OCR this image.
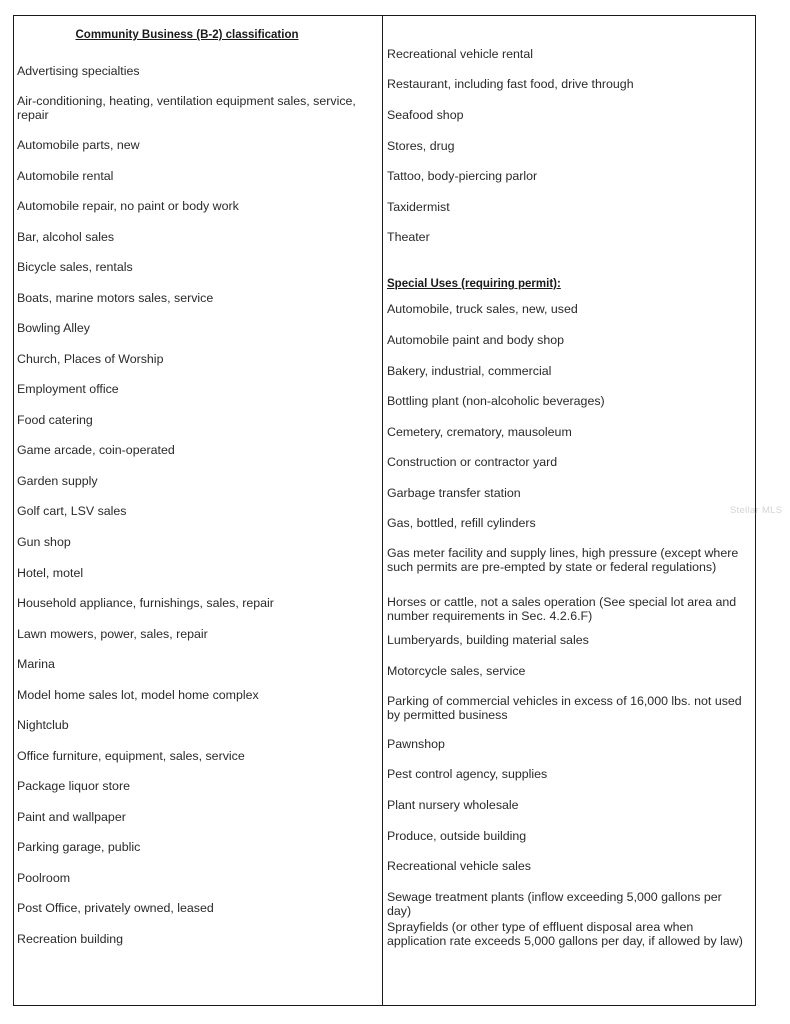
Community Business (B-2) classification
Advertising specialties
Air-conditioning, heating, ventilation equipment sales, service, repair
Automobile parts, new
Automobile rental
Automobile repair, no paint or body work
Bar, alcohol sales
Bicycle sales, rentals
Boats, marine motors sales, service
Bowling Alley
Church, Places of Worship
Employment office
Food catering
Game arcade, coin-operated
Garden supply
Golf cart, LSV sales
Gun shop
Hotel, motel
Household appliance, furnishings, sales, repair
Lawn mowers, power, sales, repair
Marina
Model home sales lot, model home complex
Nightclub
Office furniture, equipment, sales, service
Package liquor store
Paint and wallpaper
Parking garage, public
Poolroom
Post Office, privately owned, leased
Recreation building
Recreational vehicle rental
Restaurant, including fast food, drive through
Seafood shop
Stores, drug
Tattoo, body-piercing parlor
Taxidermist
Theater
Special Uses (requiring permit):
Automobile, truck sales, new, used
Automobile paint and body shop
Bakery, industrial, commercial
Bottling plant (non-alcoholic beverages)
Cemetery, crematory, mausoleum
Construction or contractor yard
Garbage transfer station
Gas, bottled, refill cylinders
Gas meter facility and supply lines, high pressure (except where such permits are pre-empted by state or federal regulations)
Horses or cattle, not a sales operation (See special lot area and number requirements in Sec. 4.2.6.F)
Lumberyards, building material sales
Motorcycle sales, service
Parking of commercial vehicles in excess of 16,000 lbs. not used by permitted business
Pawnshop
Pest control agency, supplies
Plant nursery wholesale
Produce, outside building
Recreational vehicle sales
Sewage treatment plants (inflow exceeding 5,000 gallons per day)
Sprayfields (or other type of effluent disposal area when application rate exceeds 5,000 gallons per day, if allowed by law)
Stellar MLS
